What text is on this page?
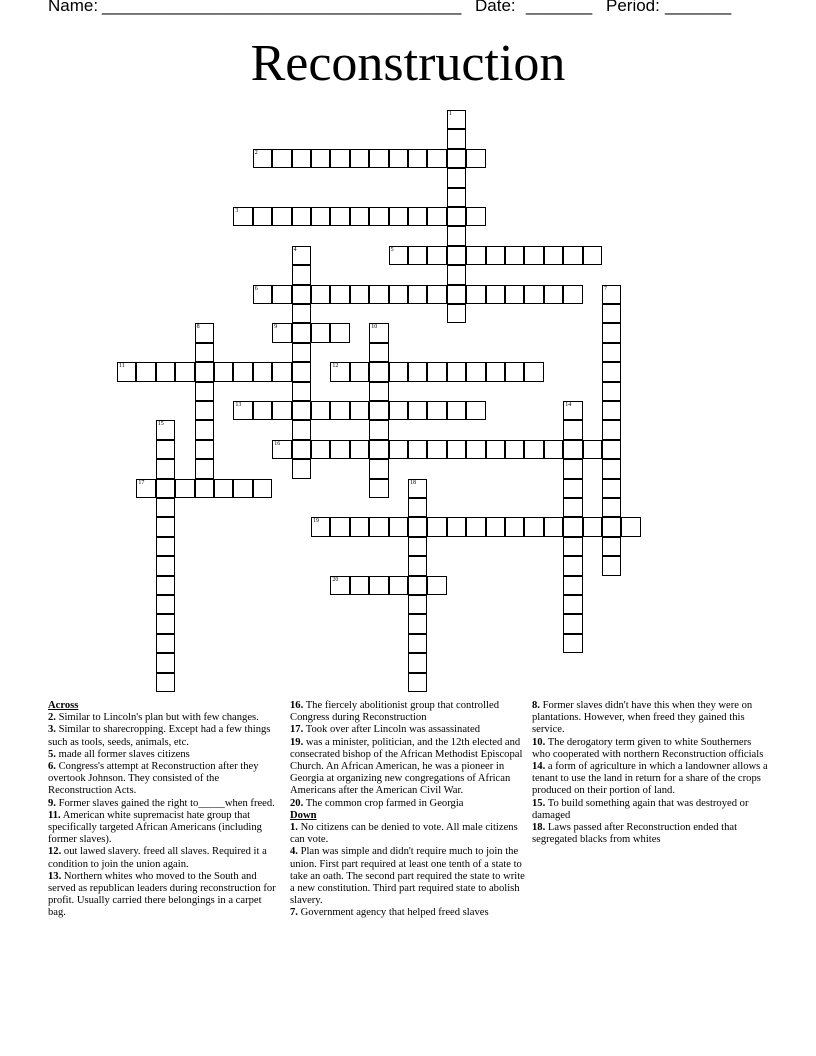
Name: ______________________________________ Date: _______ Period: _______
Reconstruction
1
2
3
4	5
6	7
8	9	10
11	12
13	14
15
16
17	18
19
20

Across

2. Similar to Lincoln's plan but with few changes.

3. Similar to sharecropping. Except had a few things such as tools, seeds, animals, etc.

5. made all former slaves citizens

6. Congress's attempt at Reconstruction after they overtook Johnson. They consisted of the Reconstruction Acts.

9. Former slaves gained the right to_____when freed.

11. American white supremacist hate group that specifically targeted African Americans (including former slaves).

12. out lawed slavery. freed all slaves. Required it a condition to join the union again.

13. Northern whites who moved to the South and served as republican leaders during reconstruction for profit. Usually carried there belongings in a carpet bag.

16. The fiercely abolitionist group that controlled Congress during Reconstruction

17. Took over after Lincoln was assassinated

19. was a minister, politician, and the 12th elected and consecrated bishop of the African Methodist Episcopal Church. An African American, he was a pioneer in Georgia at organizing new congregations of African Americans after the American Civil War.

20. The common crop farmed in Georgia

Down

1. No citizens can be denied to vote. All male citizens can vote.

4. Plan was simple and didn't require much to join the union. First part required at least one tenth of a state to take an oath. The second part required the state to write a new constitution. Third part required state to abolish slavery.

7. Government agency that helped freed slaves

8. Former slaves didn't have this when they were on plantations. However, when freed they gained this service.

10. The derogatory term given to white Southerners who cooperated with northern Reconstruction officials

14. a form of agriculture in which a landowner allows a tenant to use the land in return for a share of the crops produced on their portion of land.

15. To build something again that was destroyed or damaged

18. Laws passed after Reconstruction ended that segregated blacks from whites
